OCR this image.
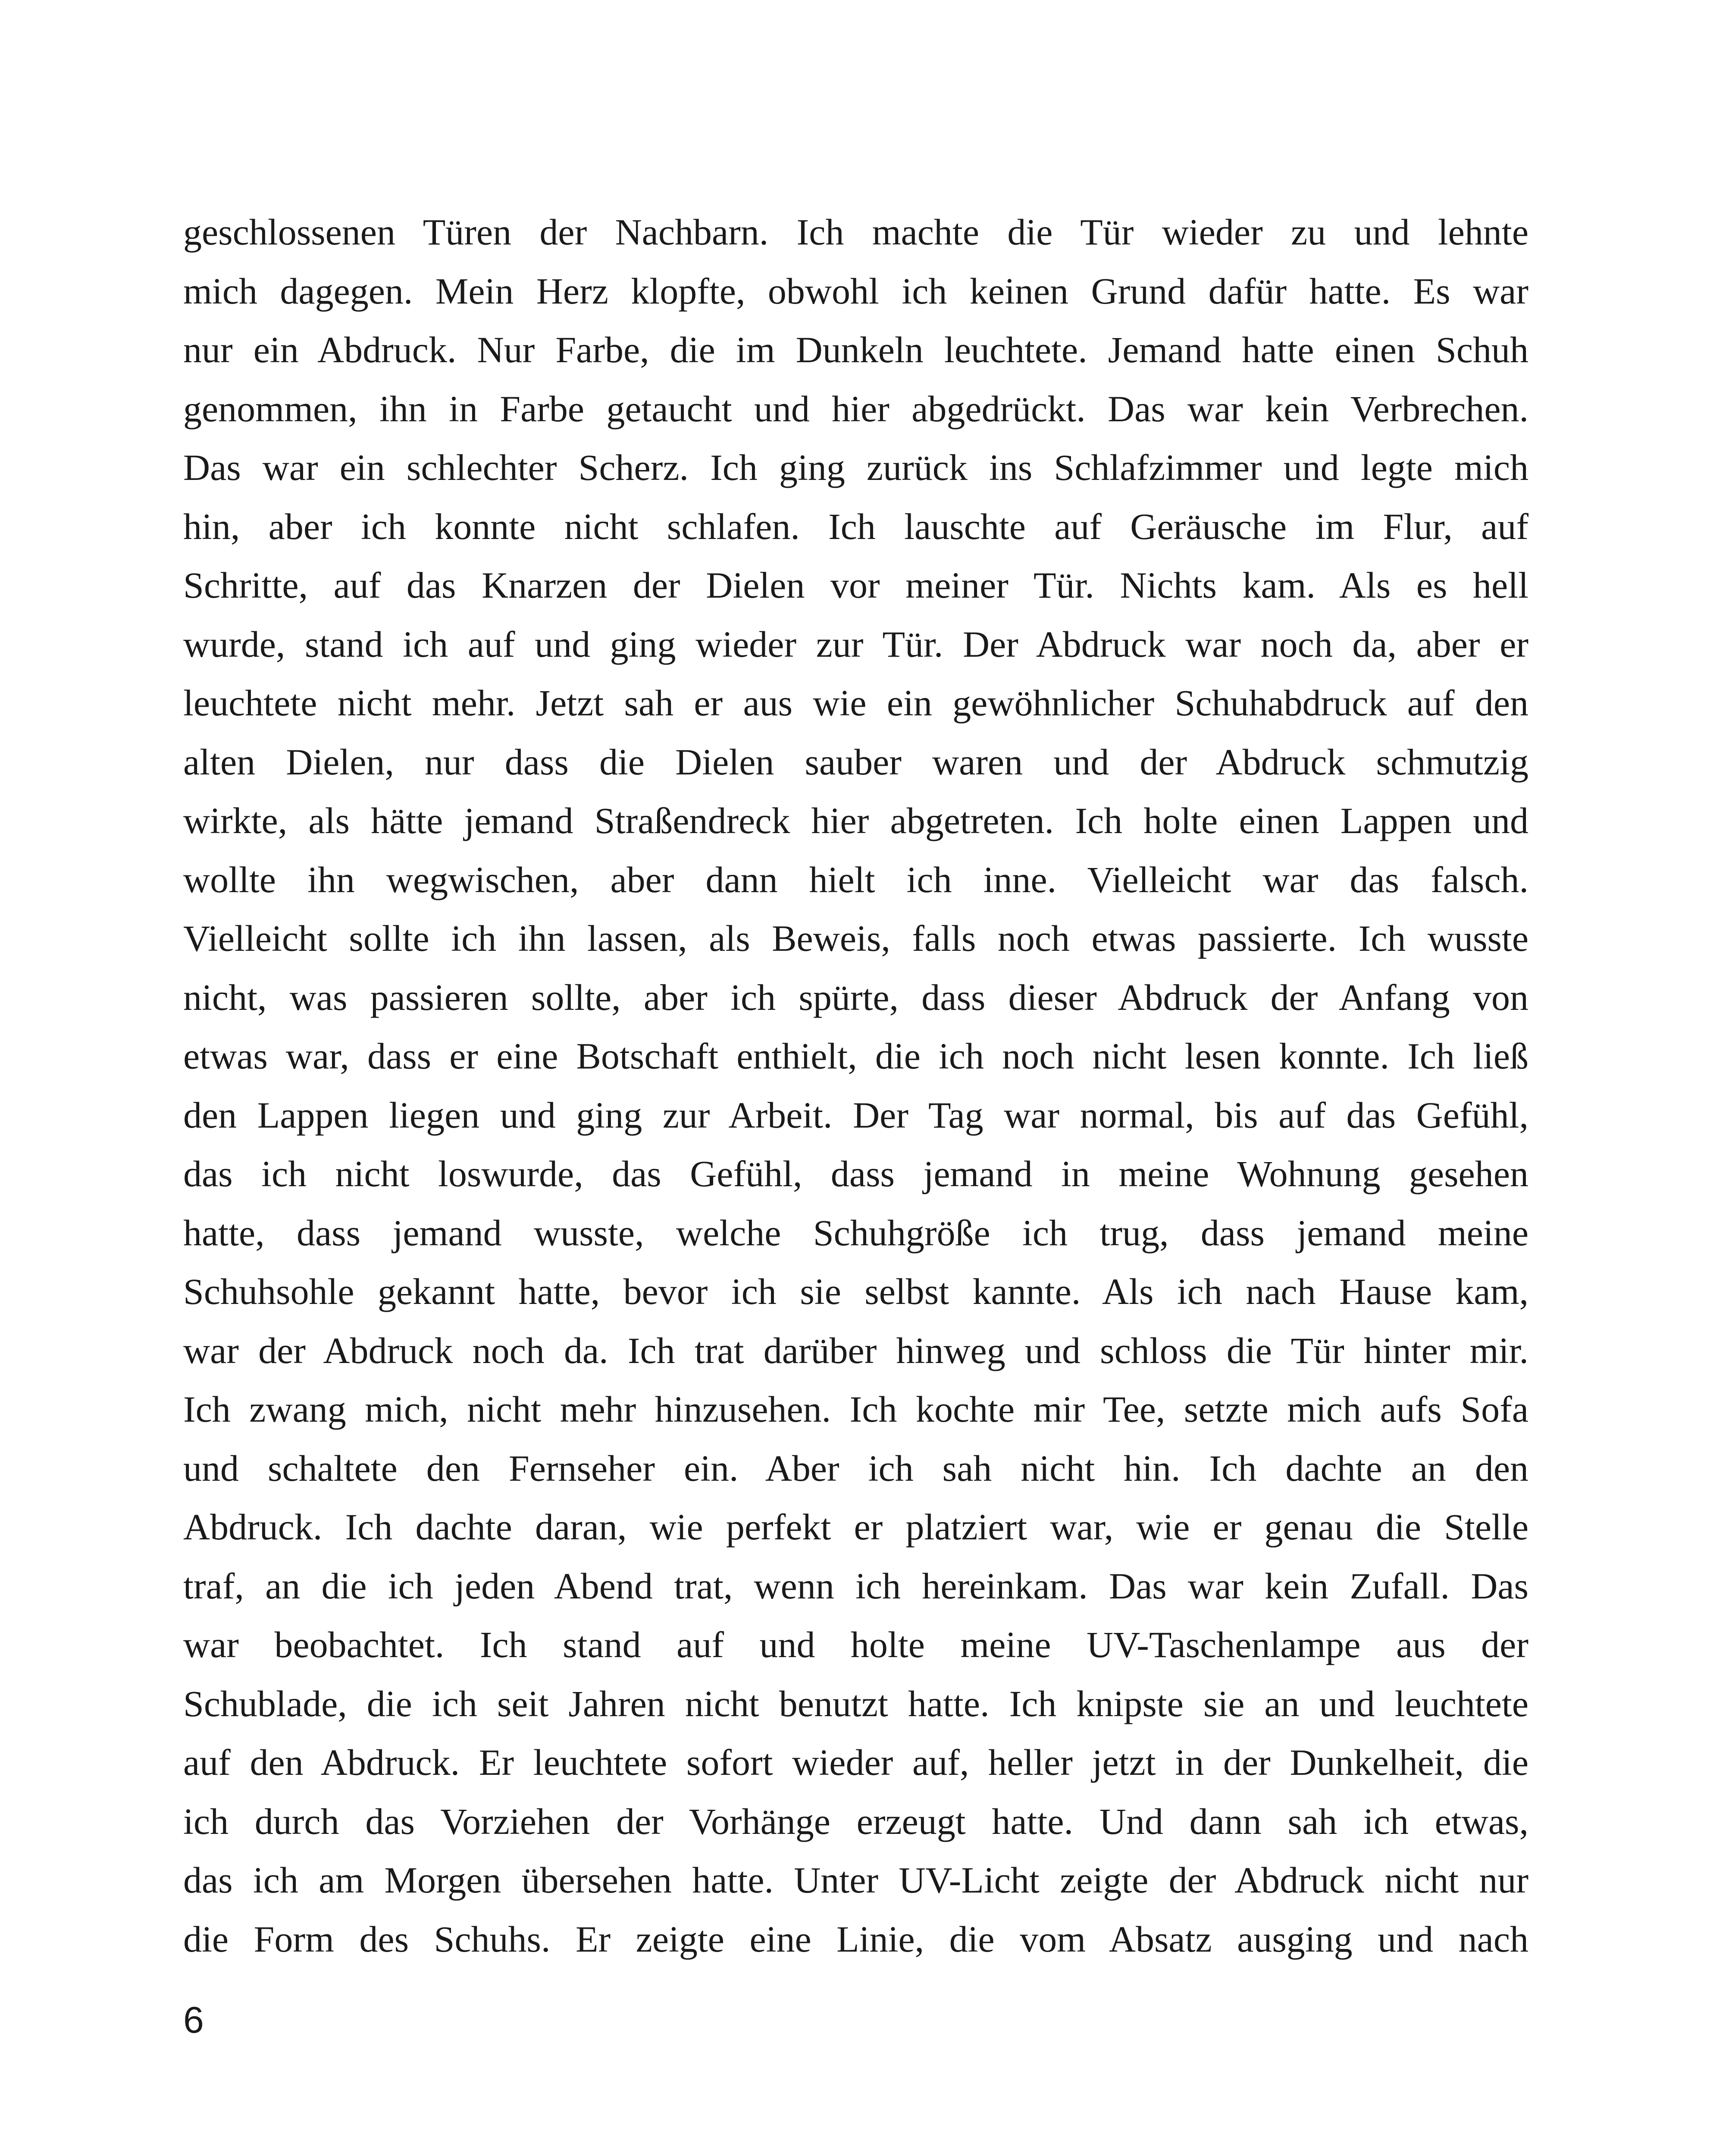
geschlossenen Türen der Nachbarn. Ich machte die Tür wieder zu und lehnte
mich dagegen. Mein Herz klopfte, obwohl ich keinen Grund dafür hatte. Es war
nur ein Abdruck. Nur Farbe, die im Dunkeln leuchtete. Jemand hatte einen Schuh
genommen, ihn in Farbe getaucht und hier abgedrückt. Das war kein Verbrechen.
Das war ein schlechter Scherz. Ich ging zurück ins Schlafzimmer und legte mich
hin, aber ich konnte nicht schlafen. Ich lauschte auf Geräusche im Flur, auf
Schritte, auf das Knarzen der Dielen vor meiner Tür. Nichts kam. Als es hell
wurde, stand ich auf und ging wieder zur Tür. Der Abdruck war noch da, aber er
leuchtete nicht mehr. Jetzt sah er aus wie ein gewöhnlicher Schuhabdruck auf den
alten Dielen, nur dass die Dielen sauber waren und der Abdruck schmutzig
wirkte, als hätte jemand Straßendreck hier abgetreten. Ich holte einen Lappen und
wollte ihn wegwischen, aber dann hielt ich inne. Vielleicht war das falsch.
Vielleicht sollte ich ihn lassen, als Beweis, falls noch etwas passierte. Ich wusste
nicht, was passieren sollte, aber ich spürte, dass dieser Abdruck der Anfang von
etwas war, dass er eine Botschaft enthielt, die ich noch nicht lesen konnte. Ich ließ
den Lappen liegen und ging zur Arbeit. Der Tag war normal, bis auf das Gefühl,
das ich nicht loswurde, das Gefühl, dass jemand in meine Wohnung gesehen
hatte, dass jemand wusste, welche Schuhgröße ich trug, dass jemand meine
Schuhsohle gekannt hatte, bevor ich sie selbst kannte. Als ich nach Hause kam,
war der Abdruck noch da. Ich trat darüber hinweg und schloss die Tür hinter mir.
Ich zwang mich, nicht mehr hinzusehen. Ich kochte mir Tee, setzte mich aufs Sofa
und schaltete den Fernseher ein. Aber ich sah nicht hin. Ich dachte an den
Abdruck. Ich dachte daran, wie perfekt er platziert war, wie er genau die Stelle
traf, an die ich jeden Abend trat, wenn ich hereinkam. Das war kein Zufall. Das
war beobachtet. Ich stand auf und holte meine UV-Taschenlampe aus der
Schublade, die ich seit Jahren nicht benutzt hatte. Ich knipste sie an und leuchtete
auf den Abdruck. Er leuchtete sofort wieder auf, heller jetzt in der Dunkelheit, die
ich durch das Vorziehen der Vorhänge erzeugt hatte. Und dann sah ich etwas,
das ich am Morgen übersehen hatte. Unter UV-Licht zeigte der Abdruck nicht nur
die Form des Schuhs. Er zeigte eine Linie, die vom Absatz ausging und nach
6
